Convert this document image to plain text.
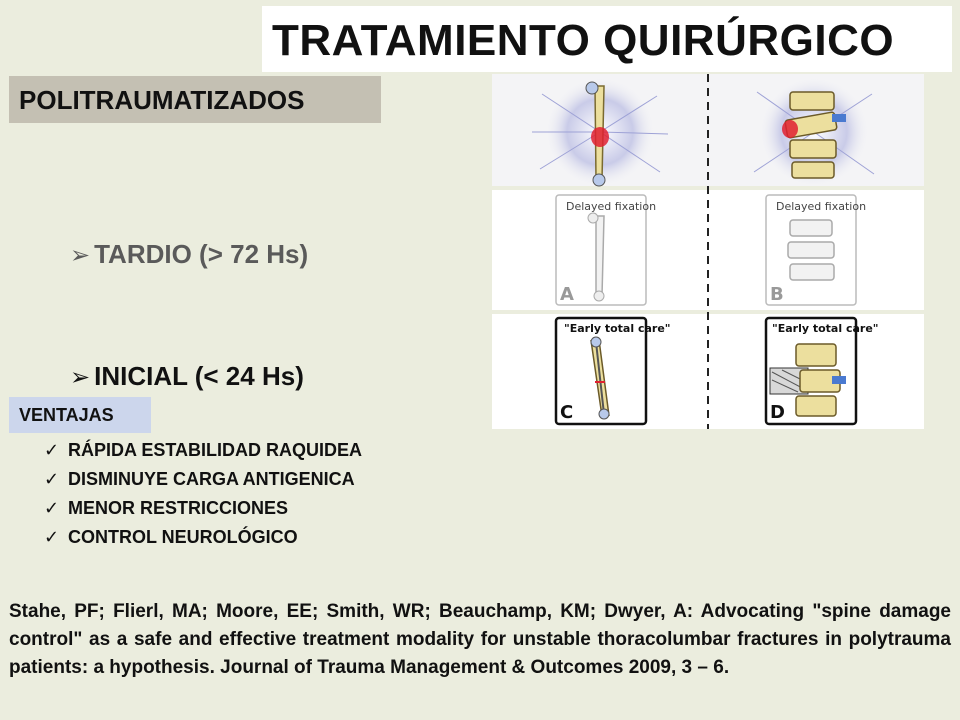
TRATAMIENTO QUIRÚRGICO
POLITRAUMATIZADOS
➢ TARDIO (> 72 Hs)
➢ INICIAL (< 24 Hs)
VENTAJAS
✓ RÁPIDA ESTABILIDAD RAQUIDEA
✓ DISMINUYE CARGA ANTIGENICA
✓ MENOR RESTRICCIONES
✓ CONTROL NEUROLÓGICO
Delayed fixation	Delayed fixation
"Early total care"	"Early total care"
A	B
C	D
Stahe, PF; Flierl, MA; Moore, EE; Smith, WR; Beauchamp, KM; Dwyer, A: Advocating "spine damage control" as a safe and effective treatment modality for unstable thoracolumbar fractures in polytrauma patients: a hypothesis. Journal of Trauma Management & Outcomes 2009, 3 – 6.
